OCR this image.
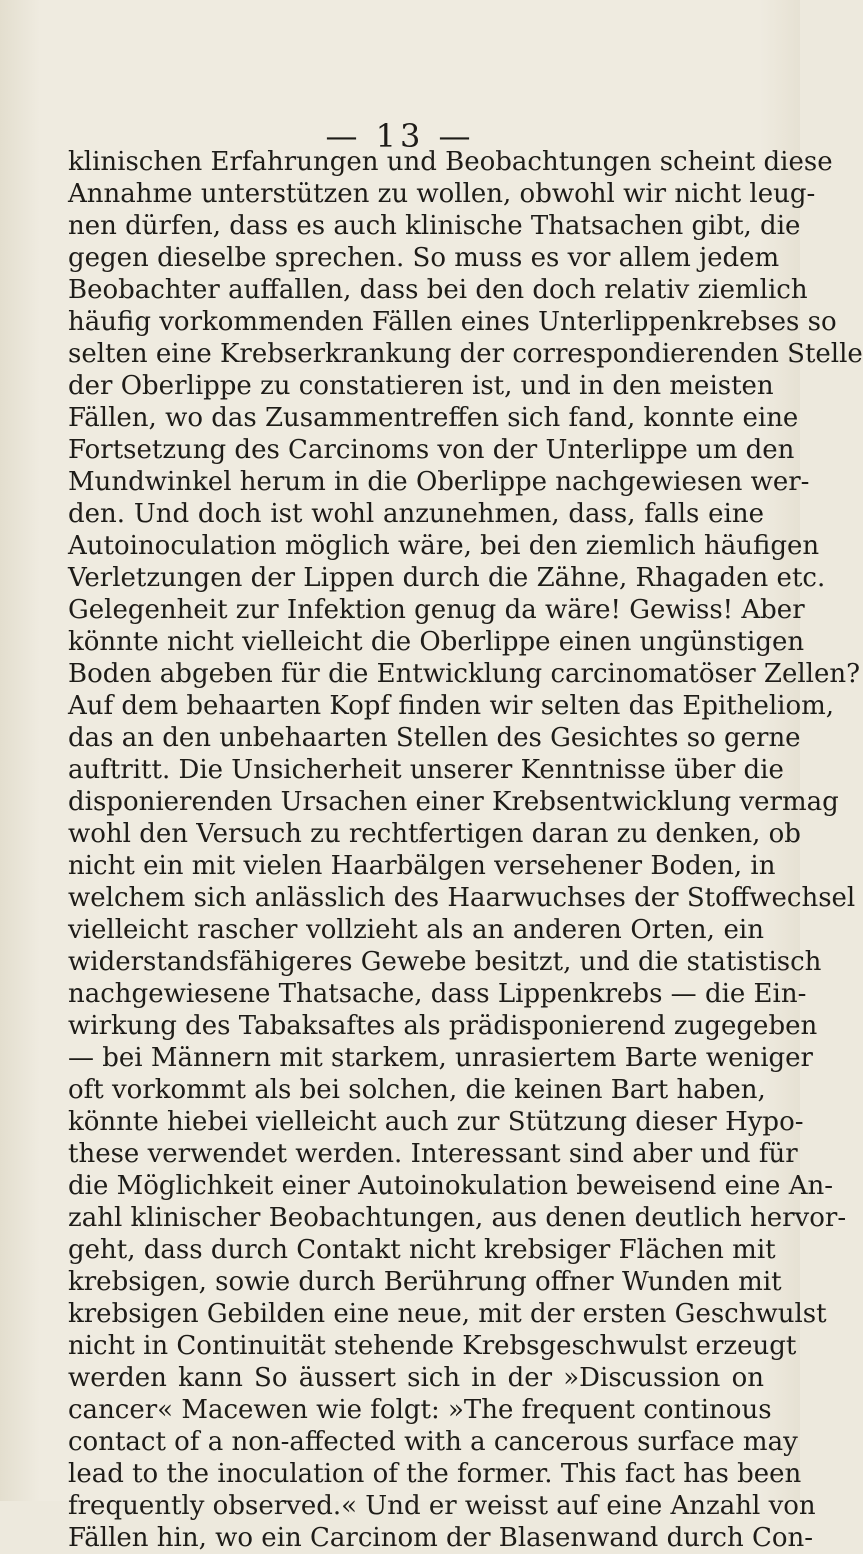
— 13 —
klinischen Erfahrungen und Beobachtungen scheint diese
Annahme unterstützen zu wollen, obwohl wir nicht leug-
nen dürfen, dass es auch klinische Thatsachen gibt, die
gegen dieselbe sprechen. So muss es vor allem jedem
Beobachter auffallen, dass bei den doch relativ ziemlich
häufig vorkommenden Fällen eines Unterlippenkrebses so
selten eine Krebserkrankung der correspondierenden Stelle
der Oberlippe zu constatieren ist, und in den meisten
Fällen, wo das Zusammentreffen sich fand, konnte eine
Fortsetzung des Carcinoms von der Unterlippe um den
Mundwinkel herum in die Oberlippe nachgewiesen wer-
den. Und doch ist wohl anzunehmen, dass, falls eine
Autoinoculation möglich wäre, bei den ziemlich häufigen
Verletzungen der Lippen durch die Zähne, Rhagaden etc.
Gelegenheit zur Infektion genug da wäre! Gewiss! Aber
könnte nicht vielleicht die Oberlippe einen ungünstigen
Boden abgeben für die Entwicklung carcinomatöser Zellen?
Auf dem behaarten Kopf finden wir selten das Epitheliom,
das an den unbehaarten Stellen des Gesichtes so gerne
auftritt. Die Unsicherheit unserer Kenntnisse über die
disponierenden Ursachen einer Krebsentwicklung vermag
wohl den Versuch zu rechtfertigen daran zu denken, ob
nicht ein mit vielen Haarbälgen versehener Boden, in
welchem sich anlässlich des Haarwuchses der Stoffwechsel
vielleicht rascher vollzieht als an anderen Orten, ein
widerstandsfähigeres Gewebe besitzt, und die statistisch
nachgewiesene Thatsache, dass Lippenkrebs — die Ein-
wirkung des Tabaksaftes als prädisponierend zugegeben
— bei Männern mit starkem, unrasiertem Barte weniger
oft vorkommt als bei solchen, die keinen Bart haben,
könnte hiebei vielleicht auch zur Stützung dieser Hypo-
these verwendet werden. Interessant sind aber und für
die Möglichkeit einer Autoinokulation beweisend eine An-
zahl klinischer Beobachtungen, aus denen deutlich hervor-
geht, dass durch Contakt nicht krebsiger Flächen mit
krebsigen, sowie durch Berührung offner Wunden mit
krebsigen Gebilden eine neue, mit der ersten Geschwulst
nicht in Continuität stehende Krebsgeschwulst erzeugt
werden kann So äussert sich in der »Discussion on
cancer« Macewen wie folgt: »The frequent continous
contact of a non-affected with a cancerous surface may
lead to the inoculation of the former. This fact has been
frequently observed.« Und er weisst auf eine Anzahl von
Fällen hin, wo ein Carcinom der Blasenwand durch Con-
